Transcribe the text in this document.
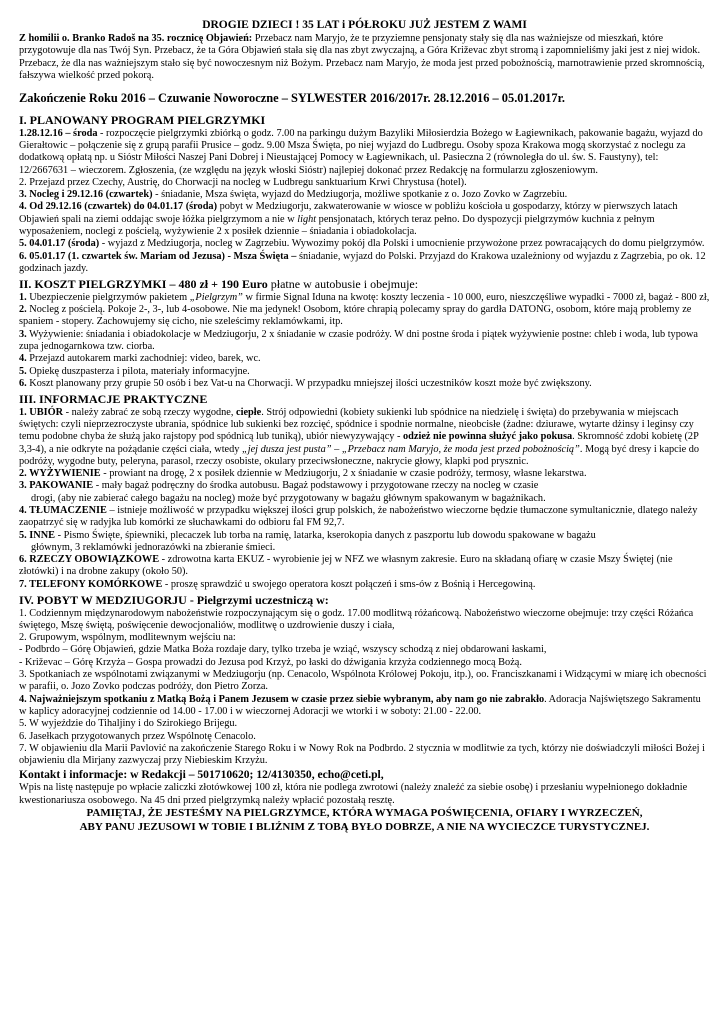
DROGIE DZIECI ! 35 LAT i PÓŁROKU JUŻ JESTEM Z WAMI

Z homilii o. Branko Radoš na 35. rocznicę Objawień: Przebacz nam Maryjo, że te przyziemne pensjonaty stały się dla nas ważniejsze od mieszkań, które przygotowuje dla nas Twój Syn. Przebacz, że ta Góra Objawień stała się dla nas zbyt zwyczajną, a Góra Križevac zbyt stromą i zapomnieliśmy jaki jest z niej widok. Przebacz, że dla nas ważniejszym stało się być nowoczesnym niż Bożym. Przebacz nam Maryjo, że moda jest przed pobożnością, marnotrawienie przed skromnością, fałszywa wielkość przed pokorą.

Zakończenie Roku 2016 – Czuwanie Noworoczne – SYLWESTER 2016/2017r. 28.12.2016 – 05.01.2017r.

I. PLANOWANY PROGRAM PIELGRZYMKI

1.28.12.16 – środa - rozpoczęcie pielgrzymki zbiórką o godz. 7.00 na parkingu dużym Bazyliki Miłosierdzia Bożego w Łagiewnikach, pakowanie bagażu, wyjazd do Gierałtowic – połączenie się z grupą parafii Prusice – godz. 9.00 Msza Święta, po niej wyjazd do Ludbregu. Osoby spoza Krakowa mogą skorzystać z noclegu za dodatkową opłatą np. u Sióstr Miłości Naszej Pani Dobrej i Nieustającej Pomocy w Łagiewnikach, ul. Pasieczna 2 (równoległa do ul. św. S. Faustyny), tel: 12/2667631 – wieczorem. Zgłoszenia, (ze względu na język włoski Sióstr) najlepiej dokonać przez Redakcję na formularzu zgłoszeniowym.

2. Przejazd przez Czechy, Austrię, do Chorwacji na nocleg w Ludbregu sanktuarium Krwi Chrystusa (hotel).

3. Nocleg i 29.12.16 (czwartek) - śniadanie, Msza święta, wyjazd do Medziugorja, możliwe spotkanie z o. Jozo Zovko w Zagrzebiu.

4. Od 29.12.16 (czwartek) do 04.01.17 (środa) pobyt w Medziugorju, zakwaterowanie w wiosce w pobliżu kościoła u gospodarzy, którzy w pierwszych latach Objawień spali na ziemi oddając swoje łóżka pielgrzymom a nie w light pensjonatach, których teraz pełno. Do dyspozycji pielgrzymów kuchnia z pełnym wyposażeniem, noclegi z pościelą, wyżywienie 2 x posiłek dziennie – śniadania i obiadokolacja.

5. 04.01.17 (środa) - wyjazd z Medziugorja, nocleg w Zagrzebiu. Wywozimy pokój dla Polski i umocnienie przywożone przez powracających do domu pielgrzymów.

6. 05.01.17 (1. czwartek św. Mariam od Jezusa) - Msza Święta – śniadanie, wyjazd do Polski. Przyjazd do Krakowa uzależniony od wyjazdu z Zagrzebia, po ok. 12 godzinach jazdy.

II. KOSZT PIELGRZYMKI – 480 zł + 190 Euro płatne w autobusie i obejmuje:

1. Ubezpieczenie pielgrzymów pakietem „Pielgrzym” w firmie Signal Iduna na kwotę: koszty leczenia - 10 000, euro, nieszczęśliwe wypadki - 7000 zł, bagaż - 800 zł,

2. Nocleg z pościelą. Pokoje 2-, 3-, lub 4-osobowe. Nie ma jedynek! Osobom, które chrapią polecamy spray do gardła DATONG, osobom, które mają problemy ze spaniem - stopery. Zachowujemy się cicho, nie szeleścimy reklamówkami, itp.

3. Wyżywienie: śniadania i obiadokolacje w Medziugorju, 2 x śniadanie w czasie podróży. W dni postne środa i piątek wyżywienie postne: chleb i woda, lub typowa zupa jednogarnkowa tzw. ciorba.

4. Przejazd autokarem marki zachodniej: video, barek, wc.

5. Opiekę duszpasterza i pilota, materiały informacyjne.

6. Koszt planowany przy grupie 50 osób i bez Vat-u na Chorwacji. W przypadku mniejszej ilości uczestników koszt może być zwiększony.

III. INFORMACJE PRAKTYCZNE

1. UBIÓR - należy zabrać ze sobą rzeczy wygodne, ciepłe. Strój odpowiedni (kobiety sukienki lub spódnice na niedzielę i święta) do przebywania w miejscach świętych: czyli nieprzezroczyste ubrania, spódnice lub sukienki bez rozcięć, spódnice i spodnie normalne, nieobcisłe (żadne: dziurawe, wytarte dżinsy i leginsy czy temu podobne chyba że służą jako rajstopy pod spódnicą lub tuniką), ubiór niewyzywający - odzież nie powinna służyć jako pokusa. Skromność zdobi kobietę (2P 3,3-4), a nie odkryte na pożądanie części ciała, wtedy „jej dusza jest pusta” – „Przebacz nam Maryjo, że moda jest przed pobożnością”. Mogą być dresy i kapcie do podróży, wygodne buty, peleryna, parasol, rzeczy osobiste, okulary przeciwsłoneczne, nakrycie głowy, klapki pod prysznic.

2. WYŻYWIENIE - prowiant na drogę, 2 x posiłek dziennie w Medziugorju, 2 x śniadanie w czasie podróży, termosy, własne lekarstwa.

3. PAKOWANIE - mały bagaż podręczny do środka autobusu. Bagaż podstawowy i przygotowane rzeczy na nocleg w czasie

drogi, (aby nie zabierać całego bagażu na nocleg) może być przygotowany w bagażu głównym spakowanym w bagażnikach.

4. TŁUMACZENIE – istnieje możliwość w przypadku większej ilości grup polskich, że nabożeństwo wieczorne będzie tłumaczone symultanicznie, dlatego należy zaopatrzyć się w radyjka lub komórki ze słuchawkami do odbioru fal FM 92,7.

5. INNE - Pismo Święte, śpiewniki, plecaczek lub torba na ramię, latarka, kserokopia danych z paszportu lub dowodu spakowane w bagażu

głównym, 3 reklamówki jednorazówki na zbieranie śmieci.

6. RZECZY OBOWIĄZKOWE - zdrowotna karta EKUZ - wyrobienie jej w NFZ we własnym zakresie. Euro na składaną ofiarę w czasie Mszy Świętej (nie złotówki) i na drobne zakupy (około 50).

7. TELEFONY KOMÓRKOWE - proszę sprawdzić u swojego operatora koszt połączeń i sms-ów z Bośnią i Hercegowiną.

IV. POBYT W MEDZIUGORJU - Pielgrzymi uczestniczą w:

1. Codziennym międzynarodowym nabożeństwie rozpoczynającym się o godz. 17.00 modlitwą różańcową. Nabożeństwo wieczorne obejmuje: trzy części Różańca świętego, Mszę świętą, poświęcenie dewocjonaliów, modlitwę o uzdrowienie duszy i ciała,

2. Grupowym, wspólnym, modlitewnym wejściu na:

- Podbrdo – Górę Objawień, gdzie Matka Boża rozdaje dary, tylko trzeba je wziąć, wszyscy schodzą z niej obdarowani łaskami,

- Križevac – Górę Krzyża – Gospa prowadzi do Jezusa pod Krzyż, po łaski do dźwigania krzyża codziennego mocą Bożą.

3. Spotkaniach ze wspólnotami związanymi w Medziugorju (np. Cenacolo, Wspólnota Królowej Pokoju, itp.), oo. Franciszkanami i Widzącymi w miarę ich obecności w parafii, o. Jozo Zovko podczas podróży, don Pietro Zorza.

4. Najważniejszym spotkaniu z Matką Bożą i Panem Jezusem w czasie przez siebie wybranym, aby nam go nie zabrakło. Adoracja Najświętszego Sakramentu w kaplicy adoracyjnej codziennie od 14.00 - 17.00 i w wieczornej Adoracji we wtorki i w soboty: 21.00 - 22.00.

5. W wyjeździe do Tihaljiny i do Szirokiego Brijegu.

6. Jasełkach przygotowanych przez Wspólnotę Cenacolo.

7. W objawieniu dla Marii Pavlović na zakończenie Starego Roku i w Nowy Rok na Podbrdo. 2 stycznia w modlitwie za tych, którzy nie doświadczyli miłości Bożej i objawieniu dla Mirjany zazwyczaj przy Niebieskim Krzyżu.

Kontakt i informacje: w Redakcji – 501710620; 12/4130350, echo@ceti.pl,

Wpis na listę następuje po wpłacie zaliczki złotówkowej 100 zł, która nie podlega zwrotowi (należy znaleźć za siebie osobę) i przesłaniu wypełnionego dokładnie kwestionariusza osobowego. Na 45 dni przed pielgrzymką należy wpłacić pozostałą resztę.

PAMIĘTAJ, ŻE JESTEŚMY NA PIELGRZYMCE, KTÓRA WYMAGA POŚWIĘCENIA, OFIARY I WYRZECZEŃ,

ABY PANU JEZUSOWI W TOBIE I BLIŹNIM Z TOBĄ BYŁO DOBRZE, A NIE NA WYCIECZCE TURYSTYCZNEJ.
